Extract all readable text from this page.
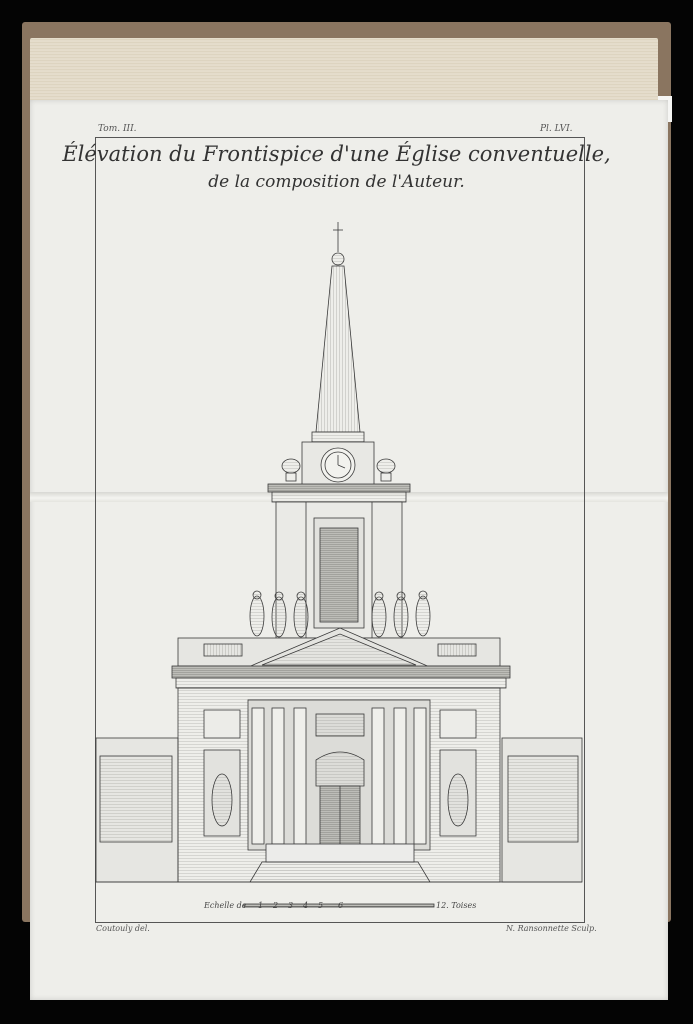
Tom. III.	Pl. LVI.
Élévation du Frontispice d'une Église conventuelle,
de la composition de l'Auteur.
Echelle de 1 2 3 4 5 6	12. Toises
Coutouly del.	N. Ransonnette Sculp.
